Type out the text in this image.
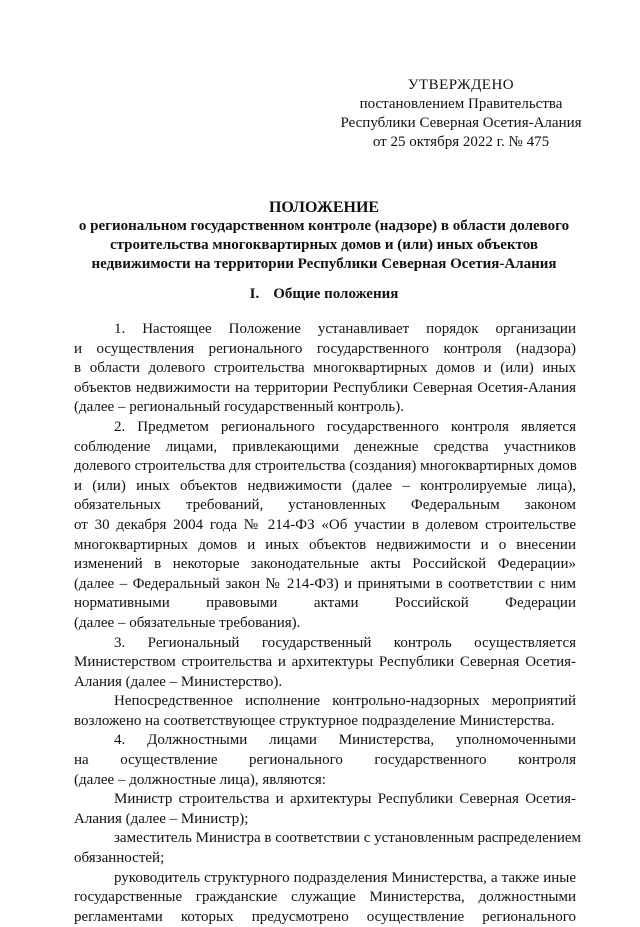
УТВЕРЖДЕНО
постановлением Правительства
Республики Северная Осетия-Алания
от 25 октября 2022 г. № 475
ПОЛОЖЕНИЕ
о региональном государственном контроле (надзоре) в области долевого
строительства многоквартирных домов и (или) иных объектов
недвижимости на территории Республики Северная Осетия-Алания
I. Общие положения
1. Настоящее Положение устанавливает порядок организации
и осуществления регионального государственного контроля (надзора)
в области долевого строительства многоквартирных домов и (или) иных
объектов недвижимости на территории Республики Северная Осетия-Алания
(далее – региональный государственный контроль).
2. Предметом регионального государственного контроля является
соблюдение лицами, привлекающими денежные средства участников
долевого строительства для строительства (создания) многоквартирных домов
и (или) иных объектов недвижимости (далее – контролируемые лица),
обязательных требований, установленных Федеральным законом
от 30 декабря 2004 года № 214-ФЗ «Об участии в долевом строительстве
многоквартирных домов и иных объектов недвижимости и о внесении
изменений в некоторые законодательные акты Российской Федерации»
(далее – Федеральный закон № 214-ФЗ) и принятыми в соответствии с ним
нормативными правовыми актами Российской Федерации
(далее – обязательные требования).
3. Региональный государственный контроль осуществляется
Министерством строительства и архитектуры Республики Северная Осетия-
Алания (далее – Министерство).
Непосредственное исполнение контрольно-надзорных мероприятий
возложено на соответствующее структурное подразделение Министерства.
4. Должностными лицами Министерства, уполномоченными
на осуществление регионального государственного контроля
(далее – должностные лица), являются:
Министр строительства и архитектуры Республики Северная Осетия-
Алания (далее – Министр);
заместитель Министра в соответствии с установленным распределением
обязанностей;
руководитель структурного подразделения Министерства, а также иные
государственные гражданские служащие Министерства, должностными
регламентами которых предусмотрено осуществление регионального
